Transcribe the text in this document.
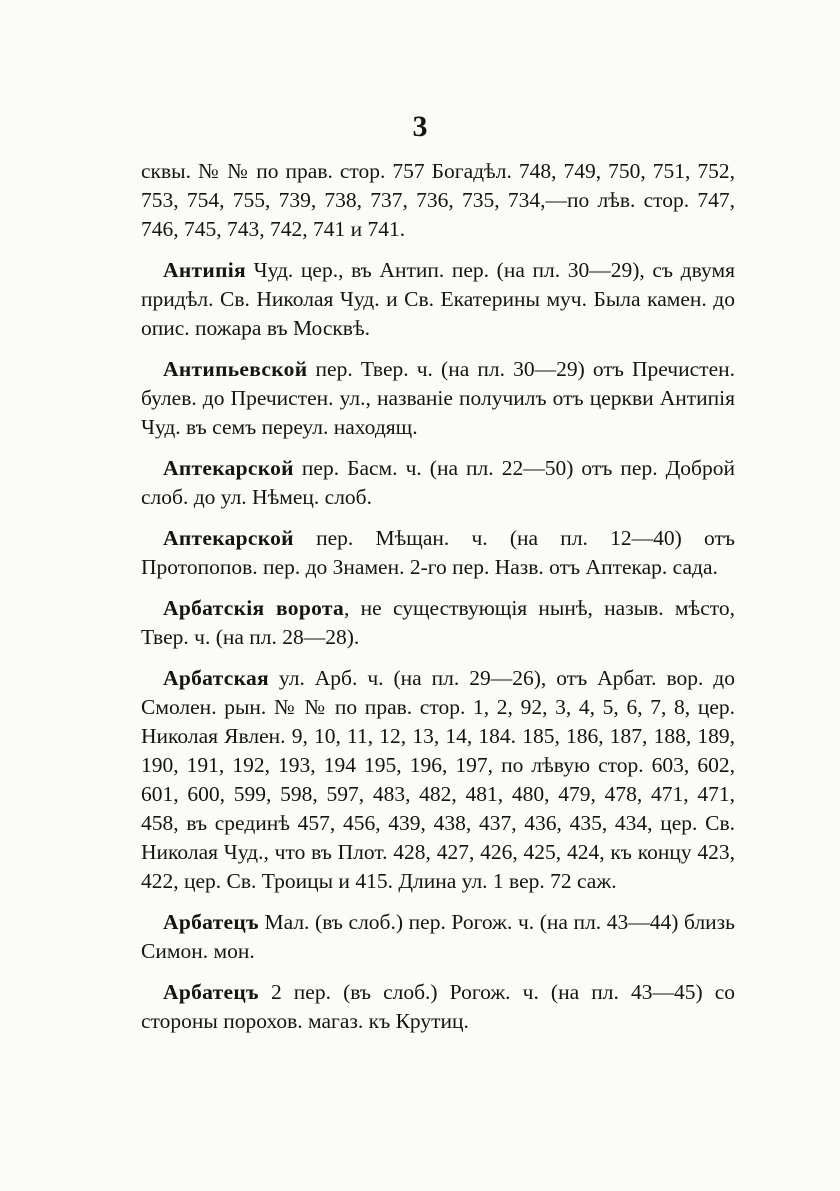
3

сквы. № № по прав. стор. 757 Богадѣл. 748, 749, 750, 751, 752, 753, 754, 755, 739, 738, 737, 736, 735, 734,—по лѣв. стор. 747, 746, 745, 743, 742, 741 и 741.

Антипія Чуд. цер., въ Антип. пер. (на пл. 30—29), съ двумя придѣл. Св. Николая Чуд. и Св. Екатерины муч. Была камен. до опис. пожара въ Москвѣ.

Антипьевской пер. Твер. ч. (на пл. 30—29) отъ Пречистен. булев. до Пречистен. ул., названіе получилъ отъ церкви Антипія Чуд. въ семъ переул. находящ.

Аптекарской пер. Басм. ч. (на пл. 22—50) отъ пер. Доброй слоб. до ул. Нѣмец. слоб.

Аптекарской пер. Мѣщан. ч. (на пл. 12—40) отъ Протопопов. пер. до Знамен. 2-го пер. Назв. отъ Аптекар. сада.

Арбатскія ворота, не существующія нынѣ, назыв. мѣсто, Твер. ч. (на пл. 28—28).

Арбатская ул. Арб. ч. (на пл. 29—26), отъ Арбат. вор. до Смолен. рын. № № по прав. стор. 1, 2, 92, 3, 4, 5, 6, 7, 8, цер. Николая Явлен. 9, 10, 11, 12, 13, 14, 184. 185, 186, 187, 188, 189, 190, 191, 192, 193, 194 195, 196, 197, по лѣвую стор. 603, 602, 601, 600, 599, 598, 597, 483, 482, 481, 480, 479, 478, 471, 471, 458, въ срединѣ 457, 456, 439, 438, 437, 436, 435, 434, цер. Св. Николая Чуд., что въ Плот. 428, 427, 426, 425, 424, къ концу 423, 422, цер. Св. Троицы и 415. Длина ул. 1 вер. 72 саж.

Арбатецъ Мал. (въ слоб.) пер. Рогож. ч. (на пл. 43—44) близь Симон. мон.

Арбатецъ 2 пер. (въ слоб.) Рогож. ч. (на пл. 43—45) со стороны порохов. магаз. къ Крутиц.
